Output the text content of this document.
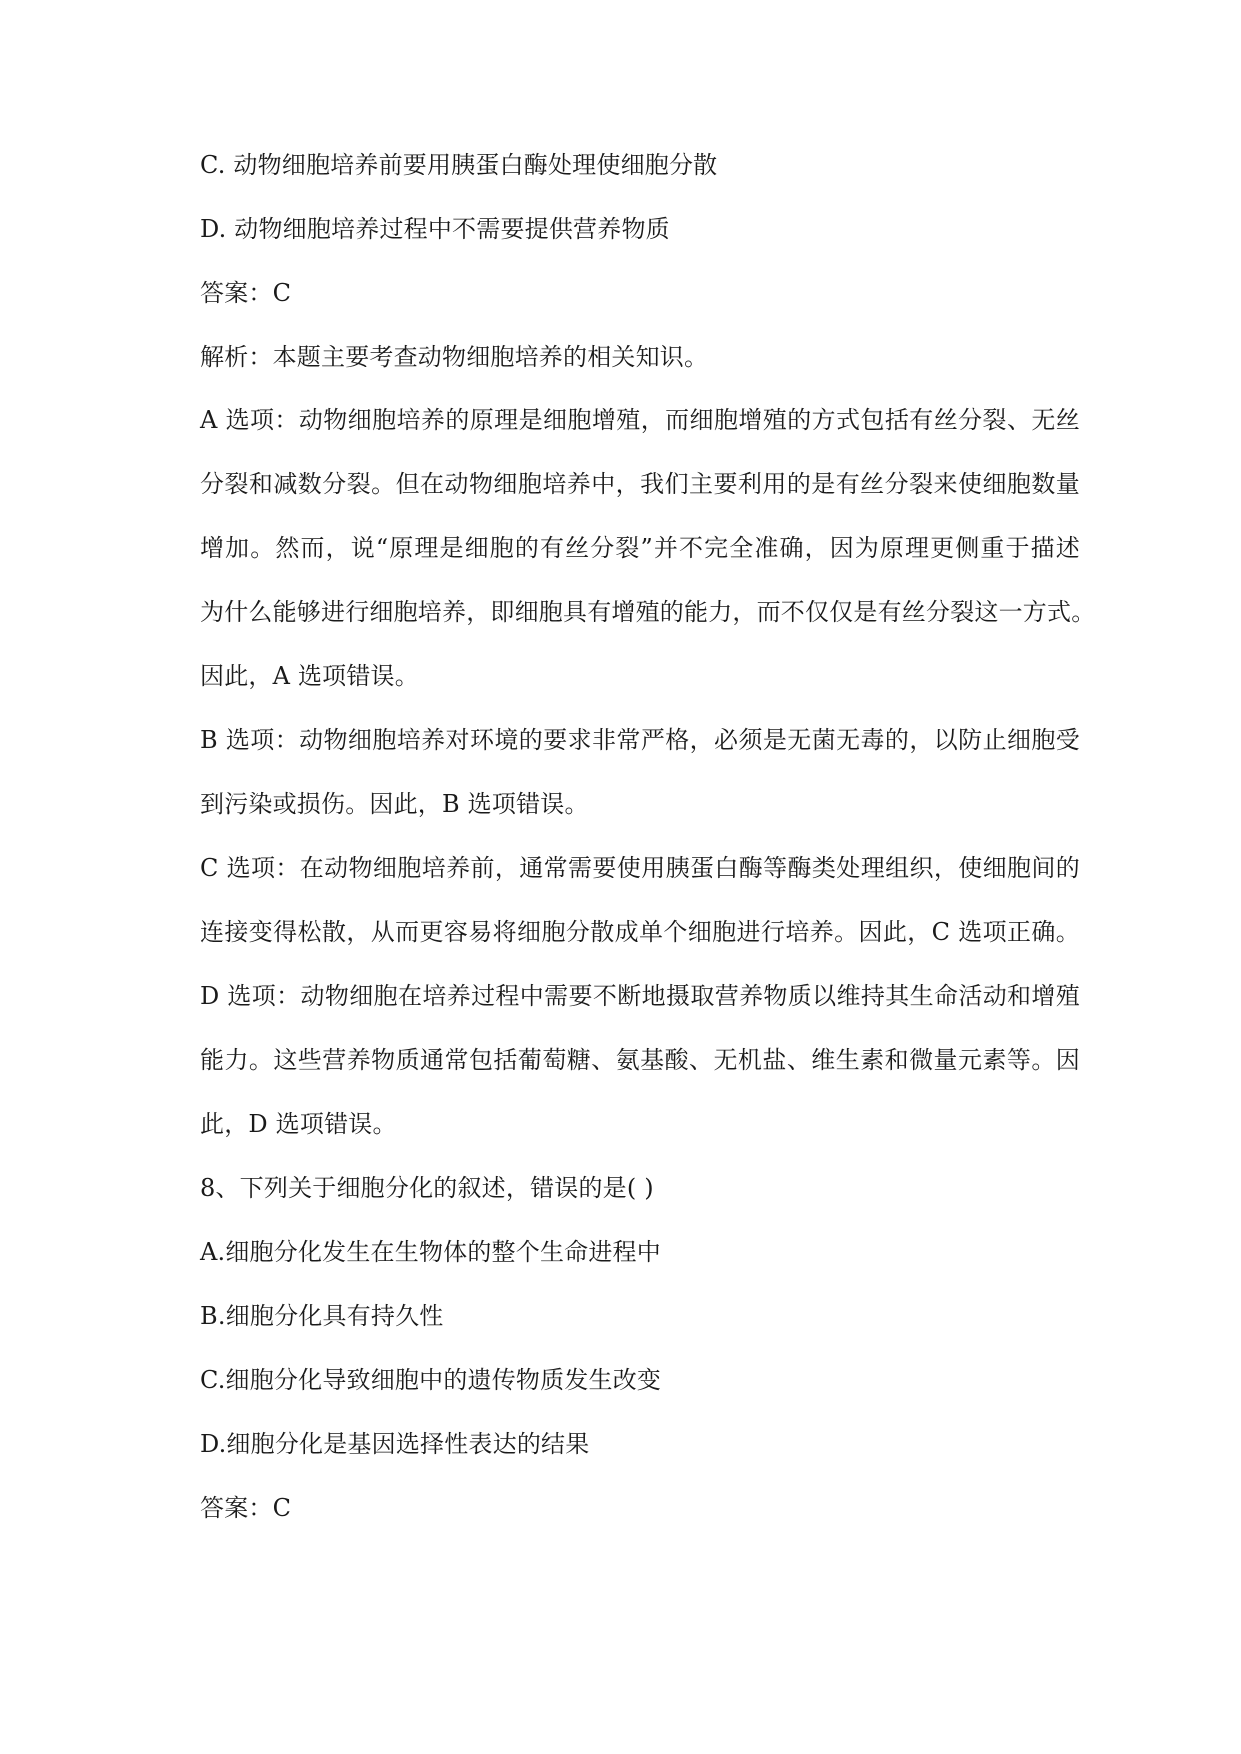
C. 动物细胞培养前要用胰蛋白酶处理使细胞分散
D. 动物细胞培养过程中不需要提供营养物质
答案：C
解析：本题主要考查动物细胞培养的相关知识。
A 选项：动物细胞培养的原理是细胞增殖，而细胞增殖的方式包括有丝分裂、无丝
分裂和减数分裂。但在动物细胞培养中，我们主要利用的是有丝分裂来使细胞数量
增加。然而，说“原理是细胞的有丝分裂”并不完全准确，因为原理更侧重于描述
为什么能够进行细胞培养，即细胞具有增殖的能力，而不仅仅是有丝分裂这一方式。
因此，A 选项错误。
B 选项：动物细胞培养对环境的要求非常严格，必须是无菌无毒的，以防止细胞受
到污染或损伤。因此，B 选项错误。
C 选项：在动物细胞培养前，通常需要使用胰蛋白酶等酶类处理组织，使细胞间的
连接变得松散，从而更容易将细胞分散成单个细胞进行培养。因此，C 选项正确。
D 选项：动物细胞在培养过程中需要不断地摄取营养物质以维持其生命活动和增殖
能力。这些营养物质通常包括葡萄糖、氨基酸、无机盐、维生素和微量元素等。因
此，D 选项错误。
8、下列关于细胞分化的叙述，错误的是( )
A.细胞分化发生在生物体的整个生命进程中
B.细胞分化具有持久性
C.细胞分化导致细胞中的遗传物质发生改变
D.细胞分化是基因选择性表达的结果
答案：C
